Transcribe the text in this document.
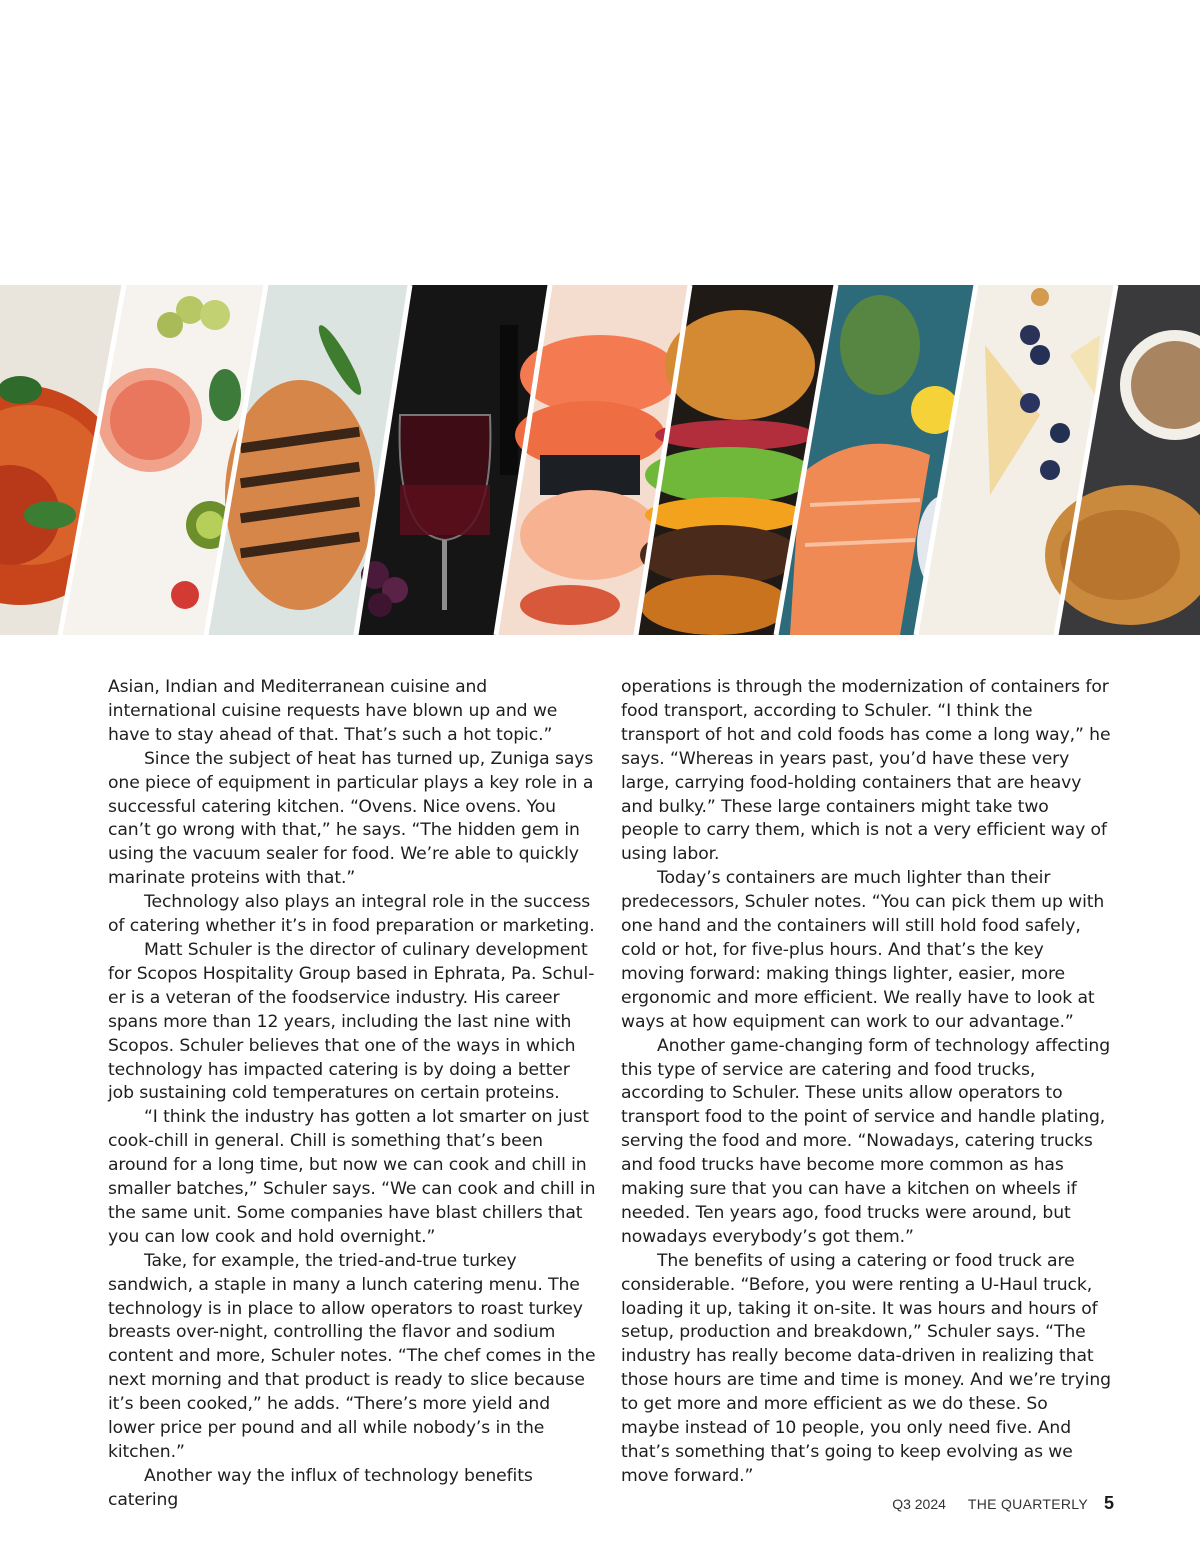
Asian, Indian and Mediterranean cuisine and international cuisine requests have blown up and we have to stay ahead of that. That’s such a hot topic.”

Since the subject of heat has turned up, Zuniga says one piece of equipment in particular plays a key role in a successful catering kitchen. “Ovens. Nice ovens. You can’t go wrong with that,” he says. “The hidden gem in using the vacuum sealer for food. We’re able to quickly marinate proteins with that.”

Technology also plays an integral role in the success of catering whether it’s in food preparation or marketing.

Matt Schuler is the director of culinary development for Scopos Hospitality Group based in Ephrata, Pa. Schul-er is a veteran of the foodservice industry. His career spans more than 12 years, including the last nine with Scopos. Schuler believes that one of the ways in which technology has impacted catering is by doing a better job sustaining cold temperatures on certain proteins.

“I think the industry has gotten a lot smarter on just cook-chill in general. Chill is something that’s been around for a long time, but now we can cook and chill in smaller batches,” Schuler says. “We can cook and chill in the same unit. Some companies have blast chillers that you can low cook and hold overnight.”

Take, for example, the tried-and-true turkey sandwich, a staple in many a lunch catering menu. The technology is in place to allow operators to roast turkey breasts over-night, controlling the flavor and sodium content and more, Schuler notes. “The chef comes in the next morning and that product is ready to slice because it’s been cooked,” he adds. “There’s more yield and lower price per pound and all while nobody’s in the kitchen.”

Another way the influx of technology benefits catering

operations is through the modernization of containers for food transport, according to Schuler. “I think the transport of hot and cold foods has come a long way,” he says. “Whereas in years past, you’d have these very large, carrying food-holding containers that are heavy and bulky.” These large containers might take two people to carry them, which is not a very efficient way of using labor.

Today’s containers are much lighter than their predecessors, Schuler notes. “You can pick them up with one hand and the containers will still hold food safely, cold or hot, for five-plus hours. And that’s the key moving forward: making things lighter, easier, more ergonomic and more efficient. We really have to look at ways at how equipment can work to our advantage.”

Another game-changing form of technology affecting this type of service are catering and food trucks, according to Schuler. These units allow operators to transport food to the point of service and handle plating, serving the food and more. “Nowadays, catering trucks and food trucks have become more common as has making sure that you can have a kitchen on wheels if needed. Ten years ago, food trucks were around, but nowadays everybody’s got them.”

The benefits of using a catering or food truck are considerable. “Before, you were renting a U-Haul truck, loading it up, taking it on-site. It was hours and hours of setup, production and breakdown,” Schuler says. “The industry has really become data-driven in realizing that those hours are time and time is money. And we’re trying to get more and more efficient as we do these. So maybe instead of 10 people, you only need five. And that’s something that’s going to keep evolving as we move forward.”

Q3 2024 THE QUARTERLY 5
